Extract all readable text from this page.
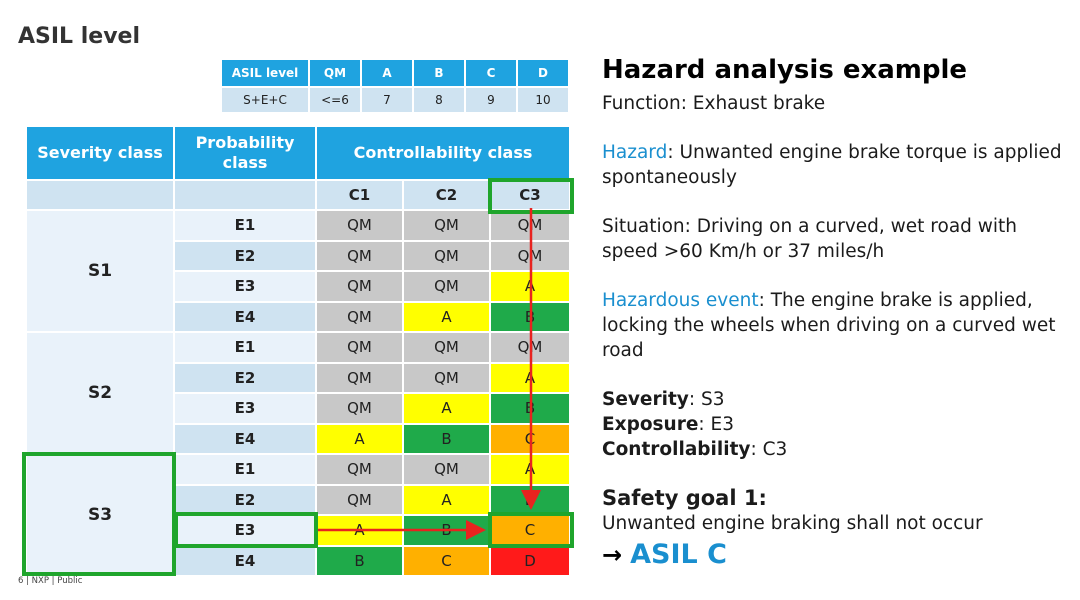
ASIL level
ASIL level	QM	A	B	C	D
S+E+C	<=6	7	8	9	10
Severity class	Probability class	Controllability class		
		C1	C2	C3
S1	E1	QM	QM	QM
	E2	QM	QM	QM
	E3	QM	QM	A
	E4	QM	A	B
S2	E1	QM	QM	QM
	E2	QM	QM	A
	E3	QM	A	B
	E4	A	B	C
S3	E1	QM	QM	A
	E2	QM	A	B
	E3	A	B	C
	E4	B	C	D
Hazard analysis example

Function: Exhaust brake

Hazard: Unwanted engine brake torque is applied spontaneously

Situation: Driving on a curved, wet road with speed >60 Km/h or 37 miles/h

Hazardous event: The engine brake is applied, locking the wheels when driving on a curved wet road

Severity: S3

Exposure: E3

Controllability: C3

Safety goal 1:

Unwanted engine braking shall not occur

→ ASIL C

6 | NXP | Public
